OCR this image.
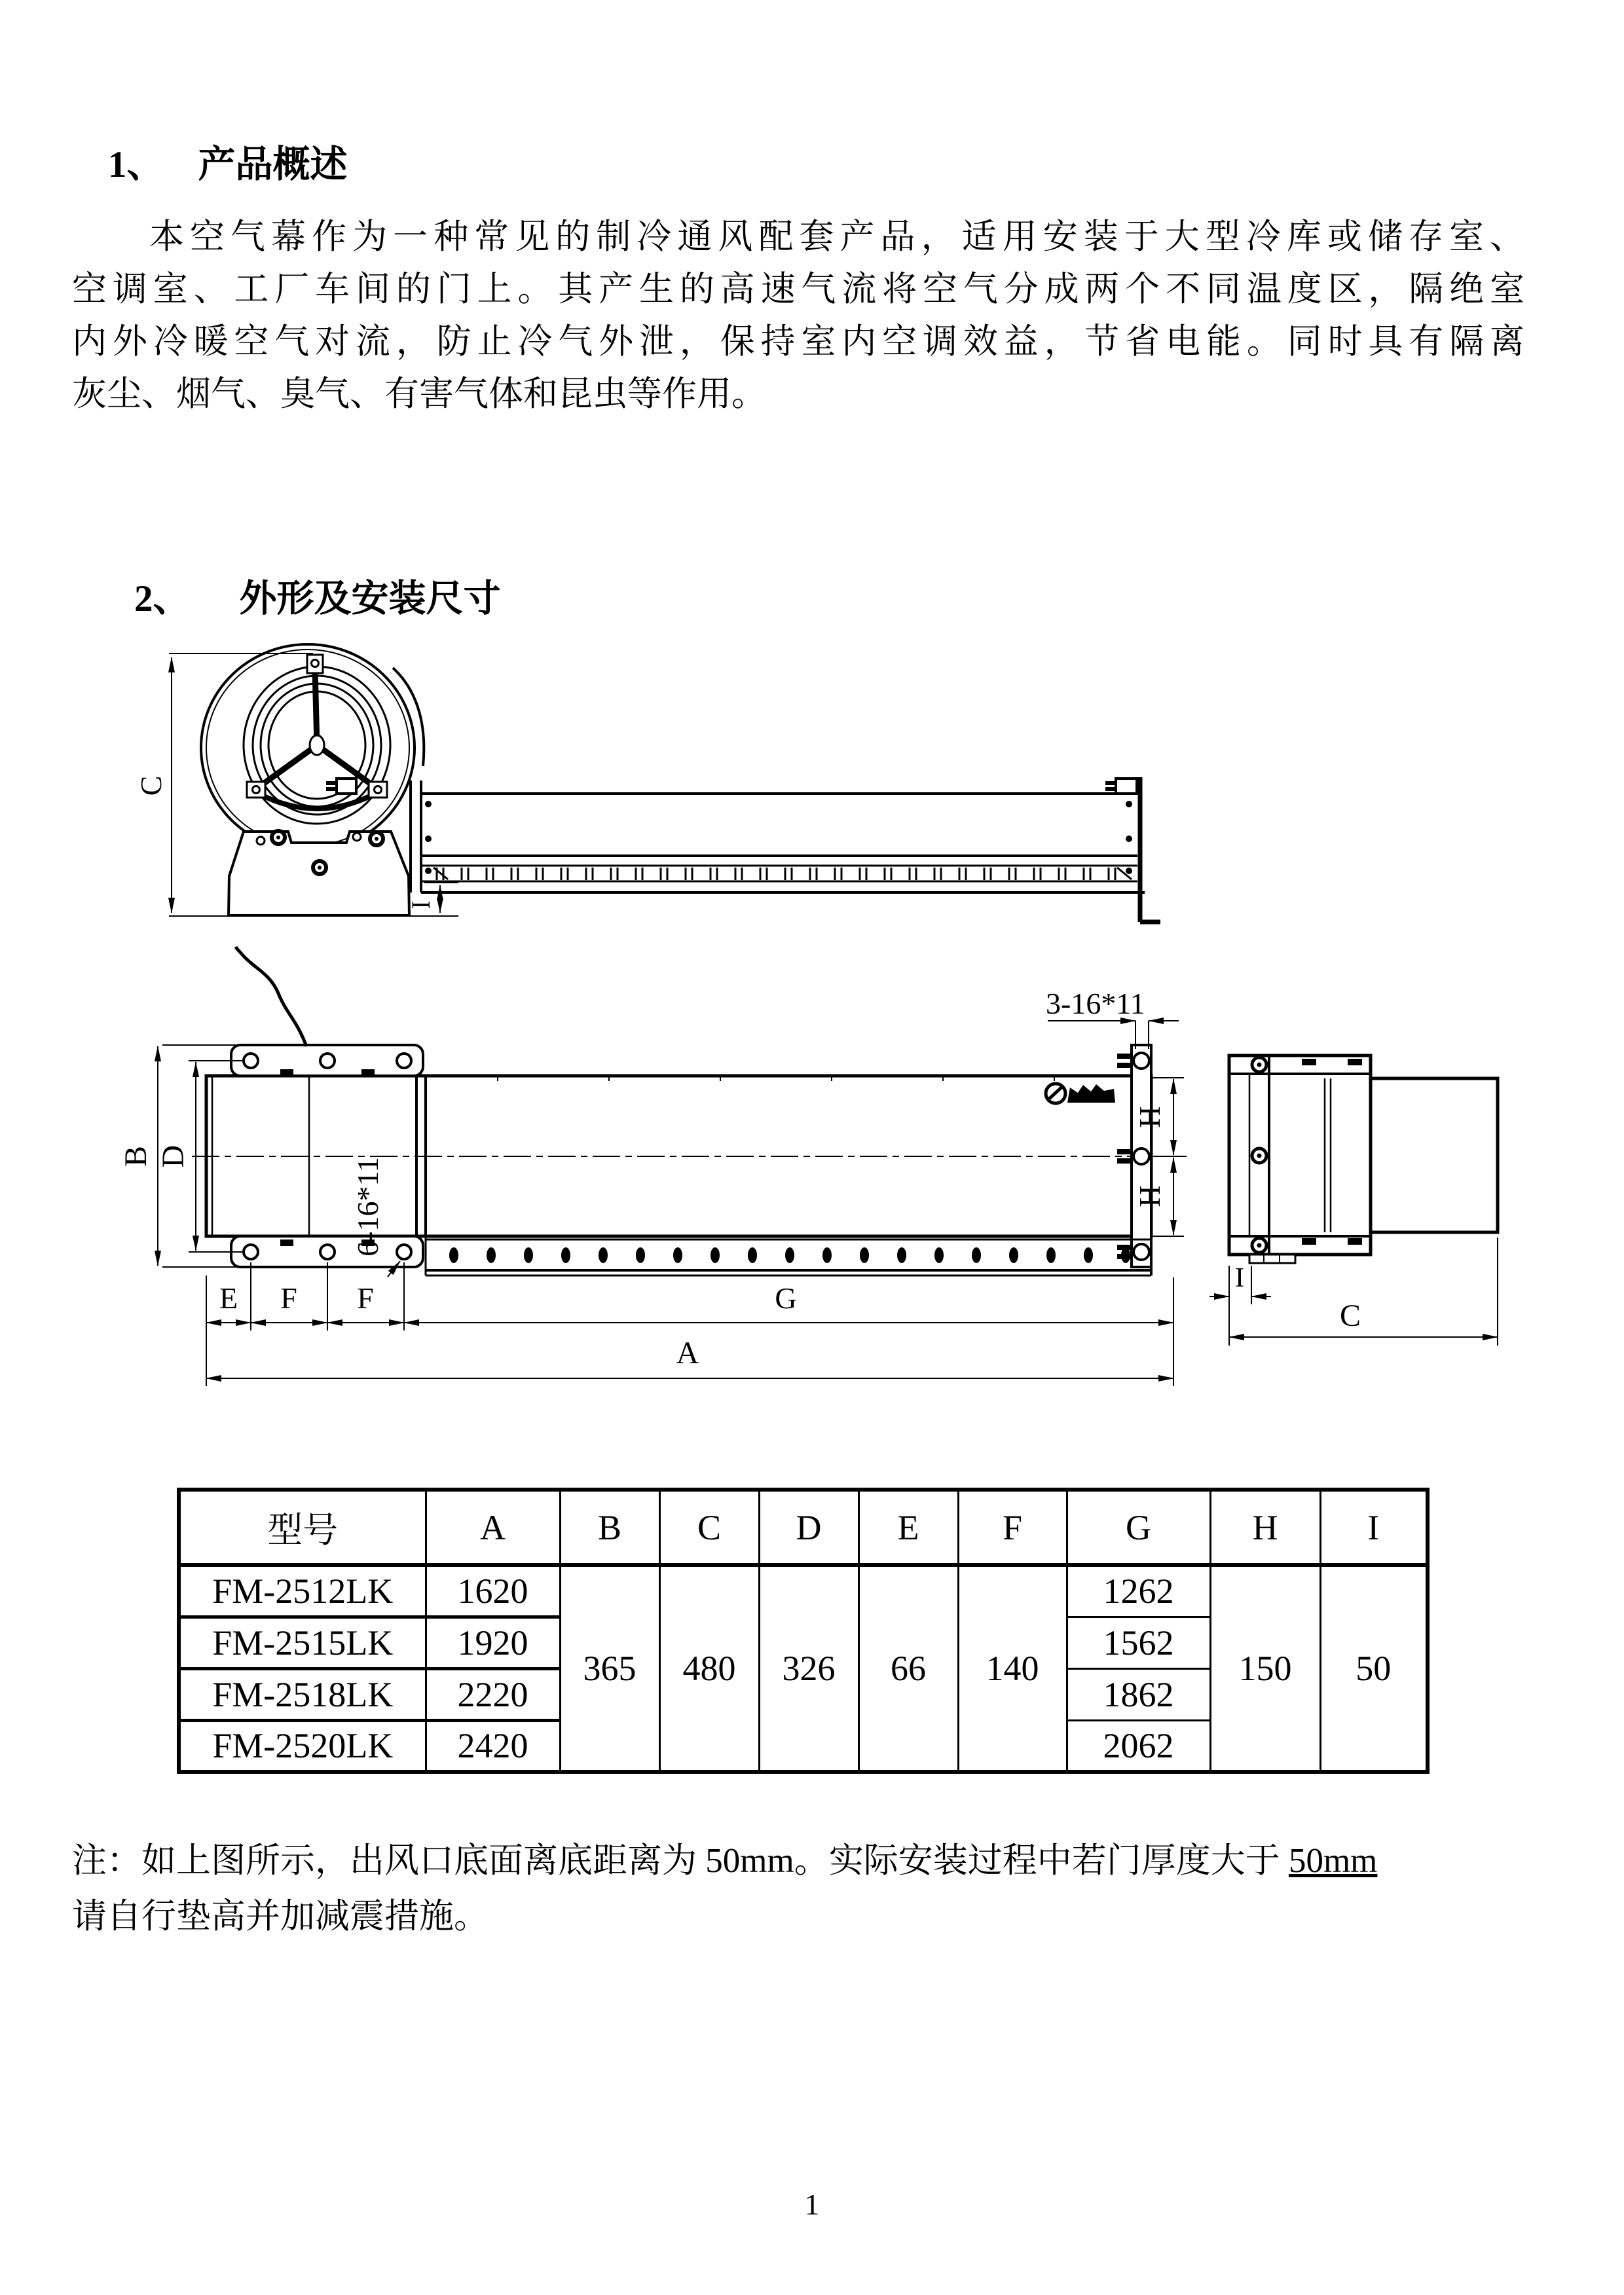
1、 产品概述
本空气幕作为一种常见的制冷通风配套产品，适用安装于大型冷库或储存室、
空调室、工厂车间的门上。其产生的高速气流将空气分成两个不同温度区，隔绝室
内外冷暖空气对流，防止冷气外泄，保持室内空调效益，节省电能。同时具有隔离
灰尘、烟气、臭气、有害气体和昆虫等作用。
2、 外形及安装尺寸
C
I
H
H
3-16*11
6-16*11
B D
E F F	G
A
I
C
型号	A	B	C	D	E	F	G	H	I
FM-2512LK	1620	365	480	326	66	140	1262	150	50
FM-2515LK	1920						1562		
FM-2518LK	2220						1862		
FM-2520LK	2420						2062		
注：如上图所示，出风口底面离底距离为 50mm。实际安装过程中若门厚度大于 50mm
请自行垫高并加减震措施。
1
